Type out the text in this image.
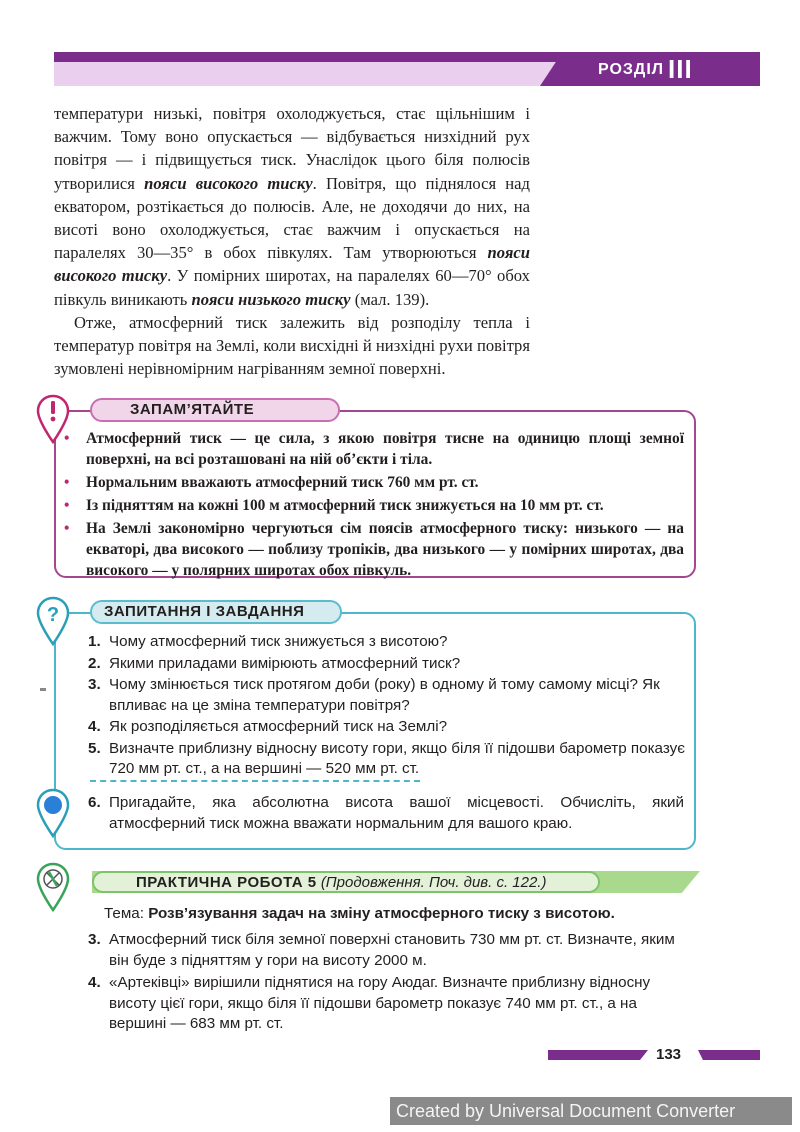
РОЗДІЛ III

температури низькі, повітря охолоджується, стає щільнішим і важчим. Тому воно опускається — відбувається низхідний рух повітря — і підвищується тиск. Унаслідок цього біля полюсів утворилися пояси високого тиску. Повітря, що піднялося над екватором, розтікається до полюсів. Але, не доходячи до них, на висоті воно охолоджується, стає важчим і опускається на паралелях 30—35° в обох півкулях. Там утворюються пояси високого тиску. У помірних широтах, на паралелях 60—70° обох півкуль виникають пояси низького тиску (мал. 139).

Отже, атмосферний тиск залежить від розподілу тепла і температур повітря на Землі, коли висхідні й низхідні рухи повітря зумовлені нерівномірним нагріванням земної поверхні.

ЗАПАМ’ЯТАЙТЕ
• Атмосферний тиск — це сила, з якою повітря тисне на одиницю площі земної поверхні, на всі розташовані на ній об’єкти і тіла.
• Нормальним вважають атмосферний тиск 760 мм рт. ст.
• Із підняттям на кожні 100 м атмосферний тиск знижується на 10 мм рт. ст.
• На Землі закономірно чергуються сім поясів атмосферного тиску: низького — на екваторі, два високого — поблизу тропіків, два низького — у помірних широтах, два високого — у полярних широтах обох півкуль.
?	ЗАПИТАННЯ І ЗАВДАННЯ
1. Чому атмосферний тиск знижується з висотою?
2. Якими приладами вимірюють атмосферний тиск?
3. Чому змінюється тиск протягом доби (року) в одному й тому самому місці? Як впливає на це зміна температури повітря?
4. Як розподіляється атмосферний тиск на Землі?
5. Визначте приблизну відносну висоту гори, якщо біля її підошви барометр показує 720 мм рт. ст., а на вершині — 520 мм рт. ст.
6. Пригадайте, яка абсолютна висота вашої місцевості. Обчисліть, який атмосферний тиск можна вважати нормальним для вашого краю.
ПРАКТИЧНА РОБОТА 5 (Продовження. Поч. див. с. 122.)
Тема: Розв’язування задач на зміну атмосферного тиску з висотою.
3. Атмосферний тиск біля земної поверхні становить 730 мм рт. ст. Визначте, яким він буде з підняттям у гори на висоту 2000 м.
4. «Артеківці» вирішили піднятися на гору Аюдаг. Визначте приблизну відносну висоту цієї гори, якщо біля її підошви барометр показує 740 мм рт. ст., а на вершині — 683 мм рт. ст.
133
Created by Universal Document Converter
